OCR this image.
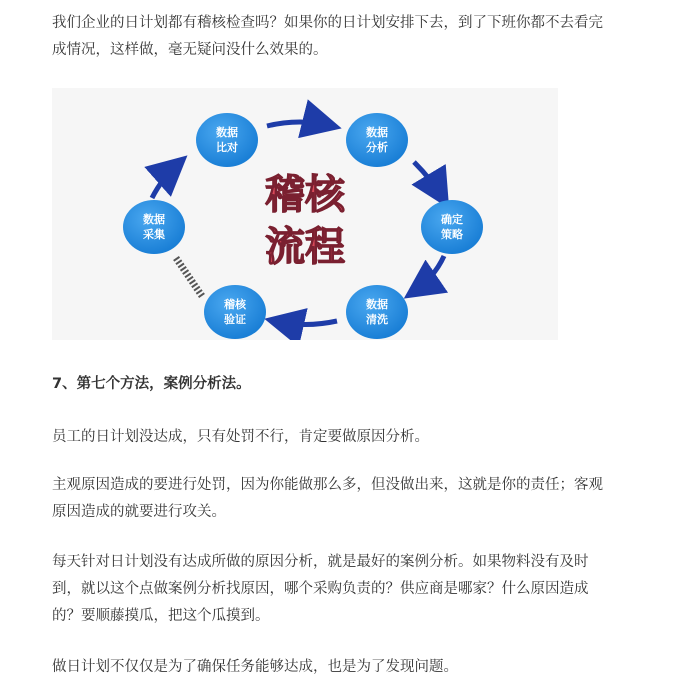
我们企业的日计划都有稽核检查吗？如果你的日计划安排下去，到了下班你都不去看完成情况，这样做，毫无疑问没什么效果的。

稽核
流程
数据
比对
数据
分析
确定
策略
数据
清洗
稽核
验证
数据
采集

7、第七个方法，案例分析法。

员工的日计划没达成，只有处罚不行，肯定要做原因分析。

主观原因造成的要进行处罚，因为你能做那么多，但没做出来，这就是你的责任；客观原因造成的就要进行攻关。

每天针对日计划没有达成所做的原因分析，就是最好的案例分析。如果物料没有及时到，就以这个点做案例分析找原因，哪个采购负责的？供应商是哪家？什么原因造成的？要顺藤摸瓜，把这个瓜摸到。

做日计划不仅仅是为了确保任务能够达成，也是为了发现问题。
